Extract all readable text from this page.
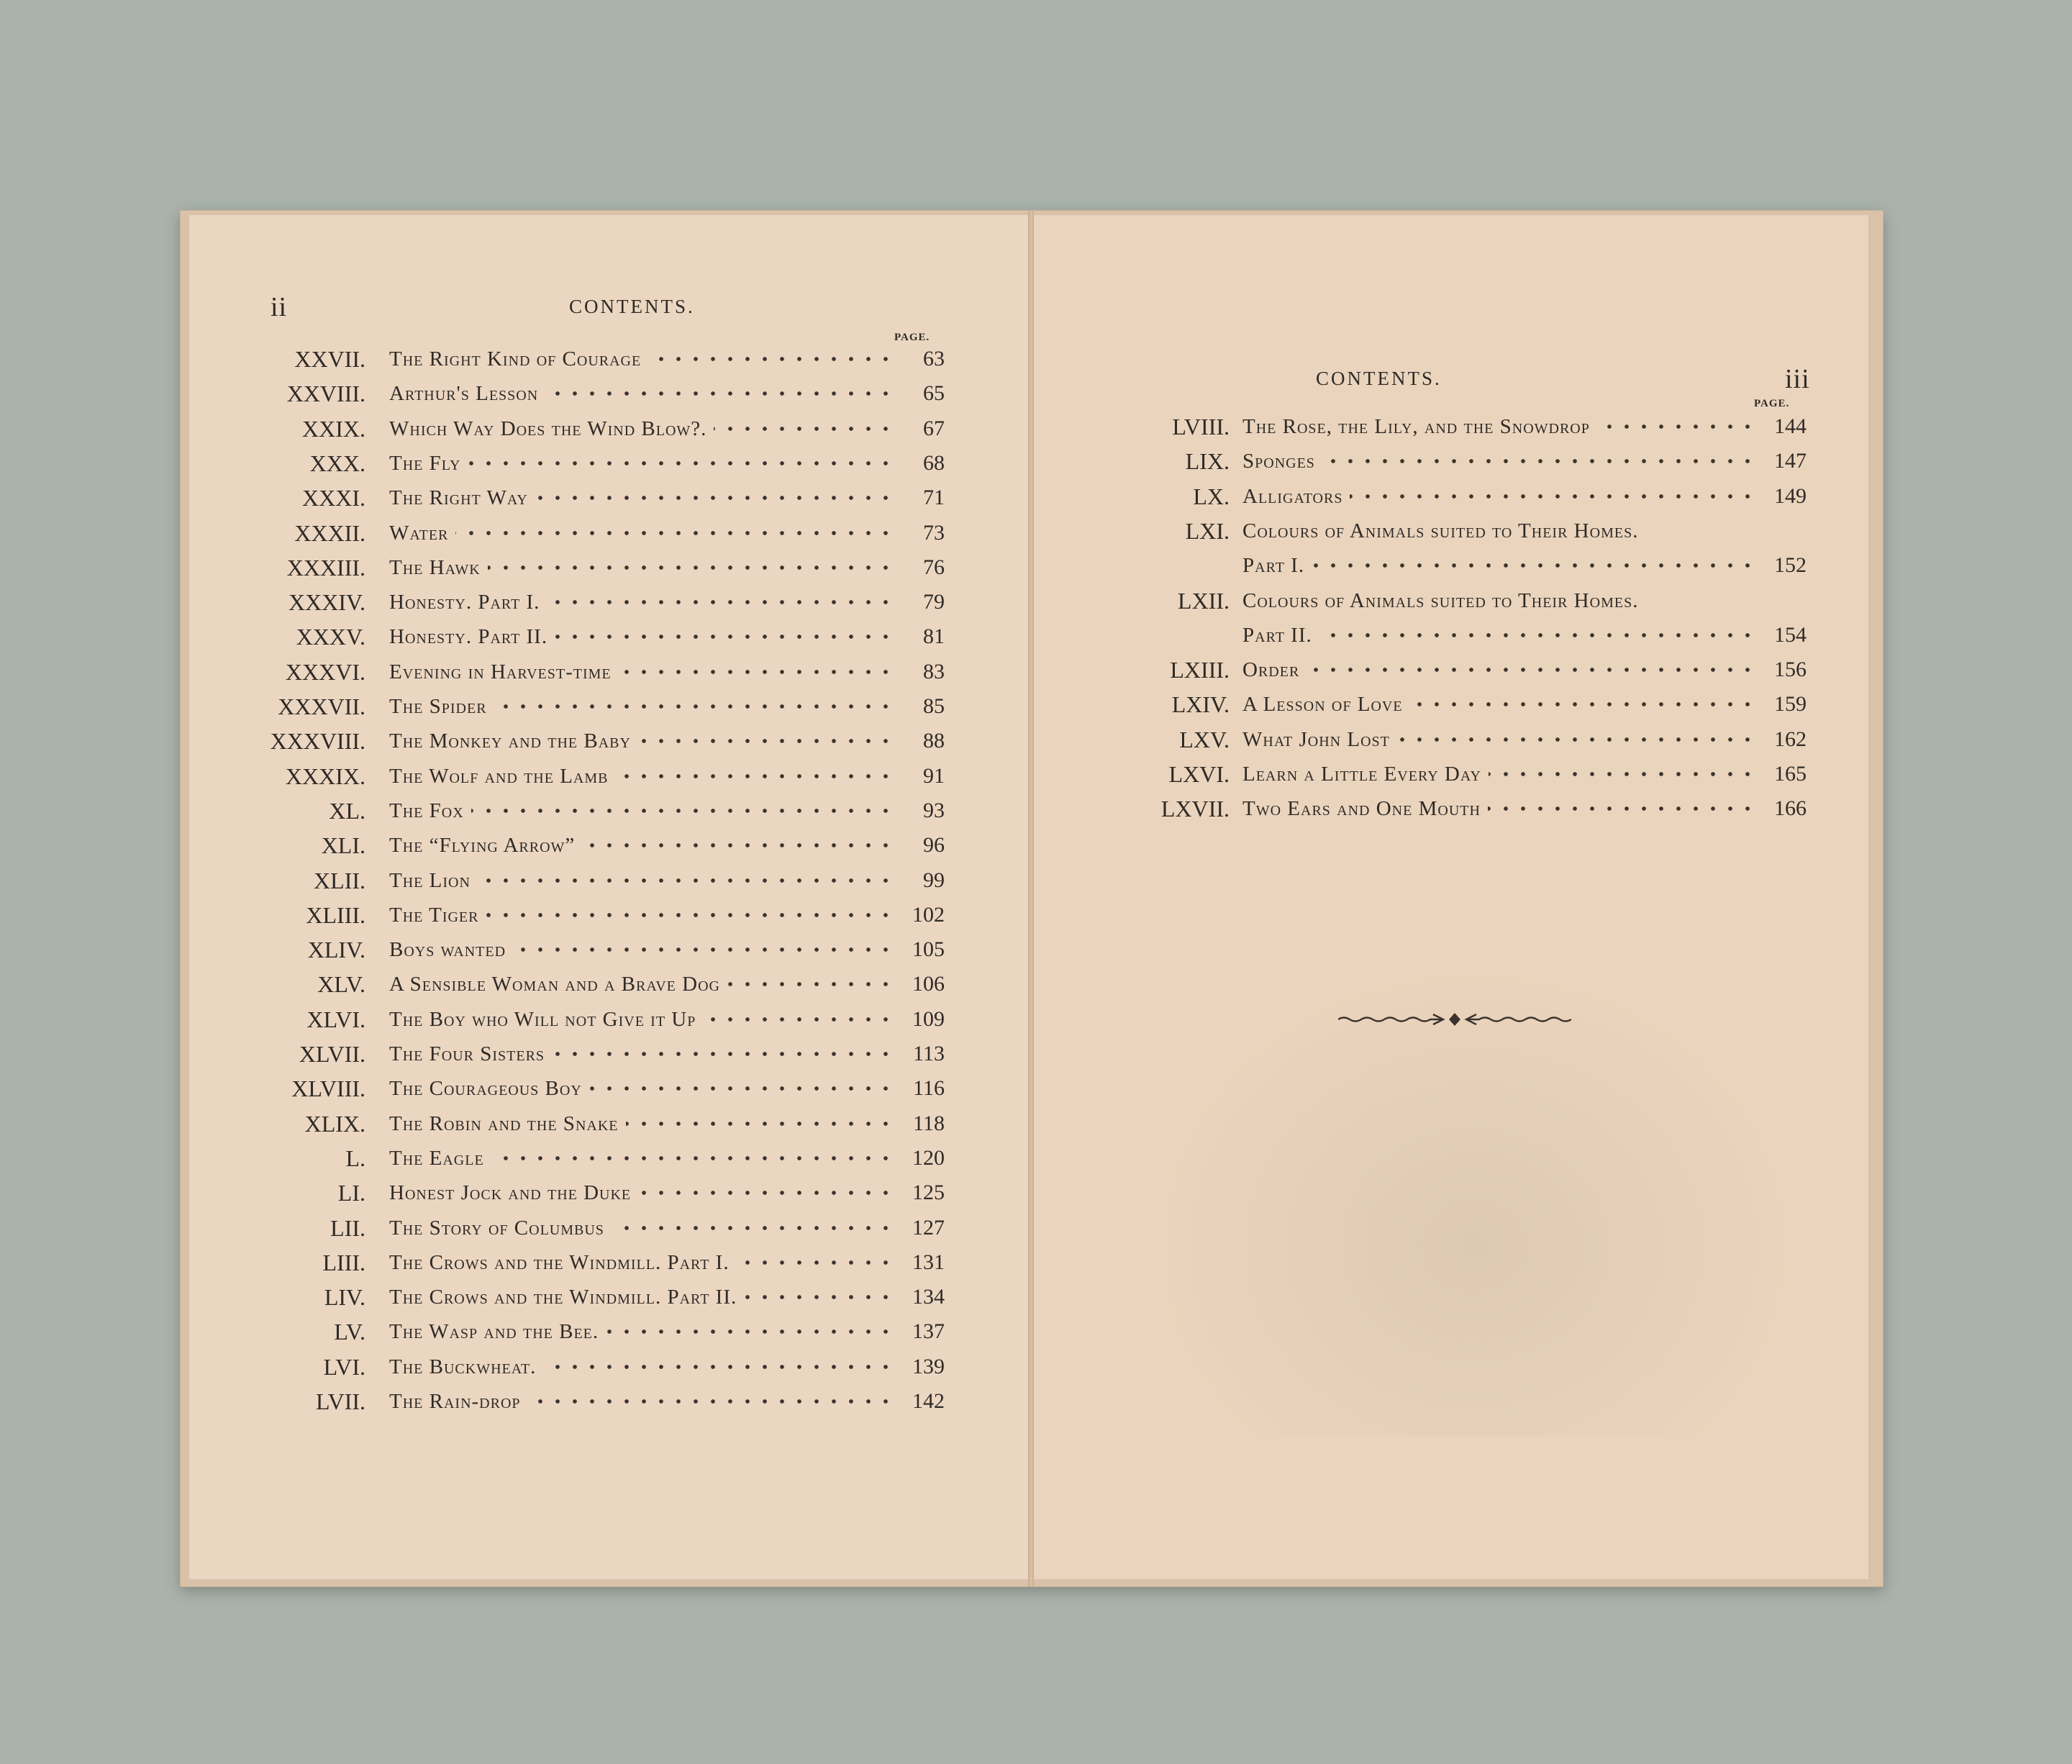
ii	CONTENTS.
PAGE.
XXVII. The Right Kind of Courage	63
XXVIII. Arthur's Lesson	65
XXIX. Which Way Does the Wind Blow?.	67
XXX. The Fly	68
XXXI. The Right Way	71
XXXII. Water	73
XXXIII. The Hawk	76
XXXIV. Honesty. Part I.	79
XXXV. Honesty. Part II.	81
XXXVI. Evening in Harvest-time	83
XXXVII. The Spider	85
XXXVIII. The Monkey and the Baby	88
XXXIX. The Wolf and the Lamb	91
XL. The Fox	93
XLI. The “Flying Arrow”	96
XLII. The Lion	99
XLIII. The Tiger	102
XLIV. Boys wanted	105
XLV. A Sensible Woman and a Brave Dog	106
XLVI. The Boy who Will not Give it Up	109
XLVII. The Four Sisters	113
XLVIII. The Courageous Boy	116
XLIX. The Robin and the Snake	118
L. The Eagle	120
LI. Honest Jock and the Duke	125
LII. The Story of Columbus	127
LIII. The Crows and the Windmill. Part I.	131
LIV. The Crows and the Windmill. Part II.	134
LV. The Wasp and the Bee.	137
LVI. The Buckwheat.	139
LVII. The Rain-drop	142
CONTENTS.	iii
PAGE.
LVIII. The Rose, the Lily, and the Snowdrop	144
LIX. Sponges	147
LX. Alligators	149
LXI. Colours of Animals suited to Their Homes.
Part I.	152
LXII. Colours of Animals suited to Their Homes.
Part II.	154
LXIII. Order	156
LXIV. A Lesson of Love	159
LXV. What John Lost	162
LXVI. Learn a Little Every Day	165
LXVII. Two Ears and One Mouth	166
